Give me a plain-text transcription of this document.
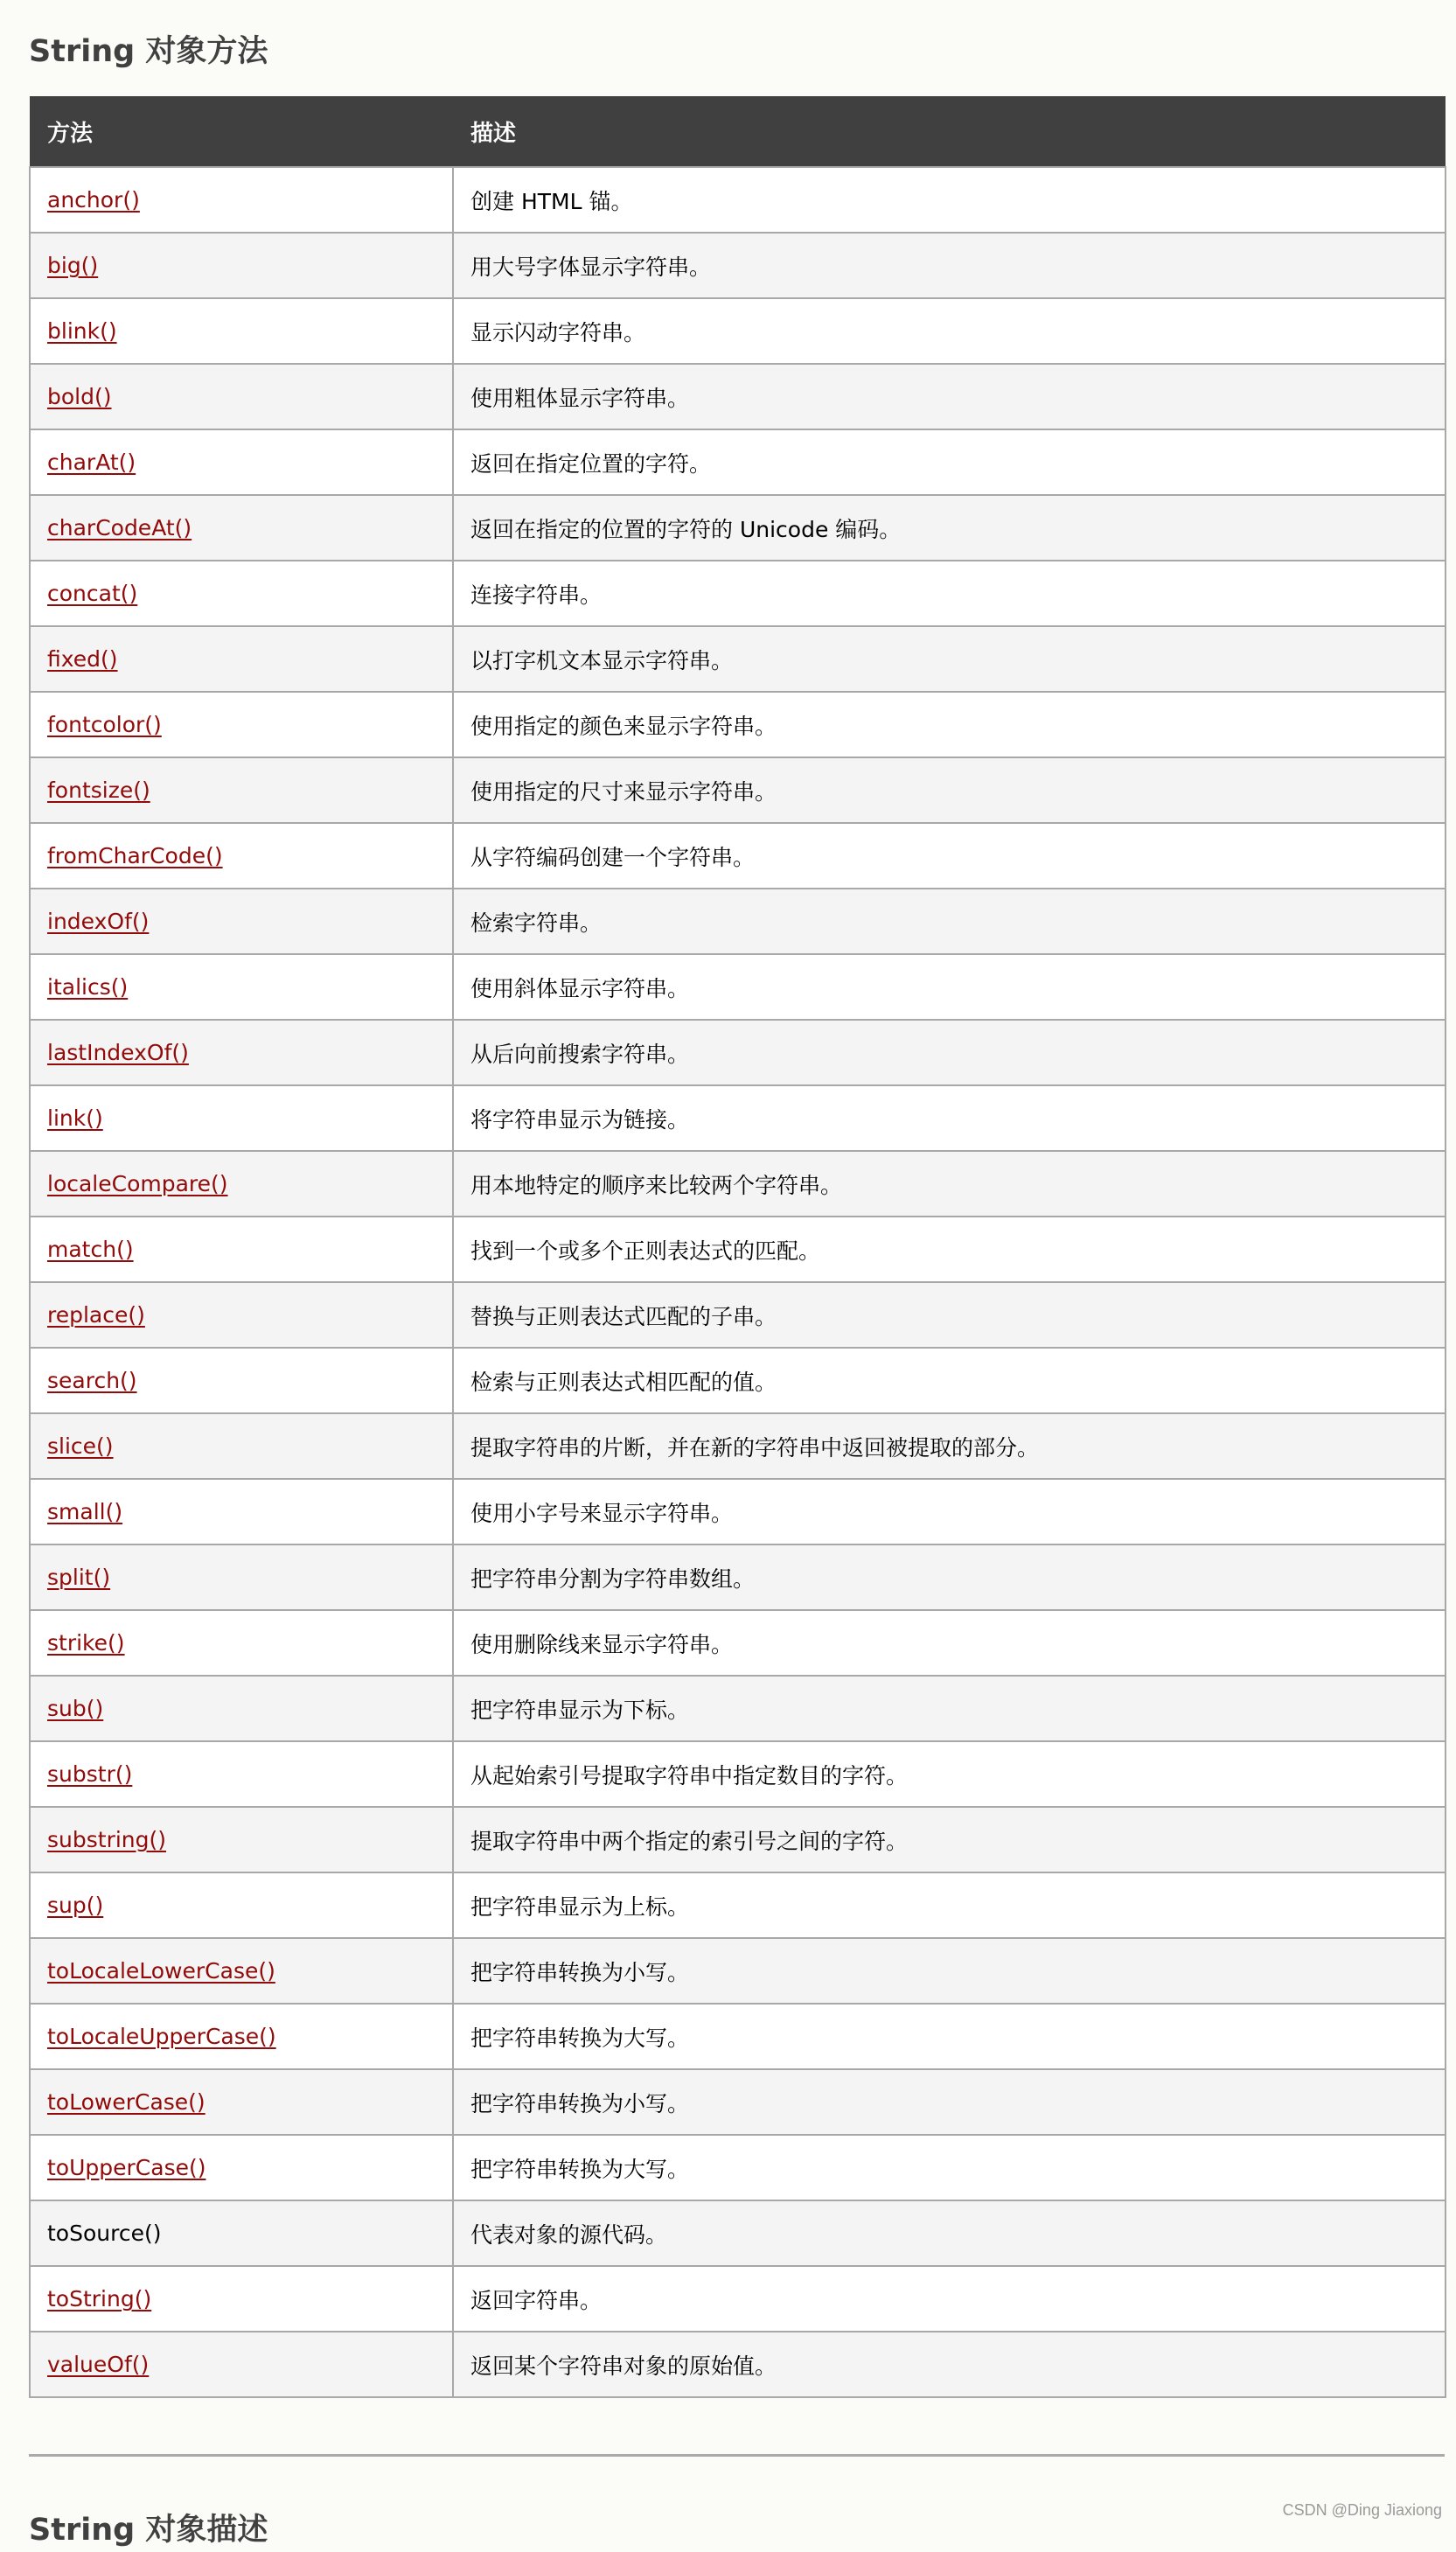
String 对象方法
方法	描述
anchor()	创建 HTML 锚。
big()	用大号字体显示字符串。
blink()	显示闪动字符串。
bold()	使用粗体显示字符串。
charAt()	返回在指定位置的字符。
charCodeAt()	返回在指定的位置的字符的 Unicode 编码。
concat()	连接字符串。
fixed()	以打字机文本显示字符串。
fontcolor()	使用指定的颜色来显示字符串。
fontsize()	使用指定的尺寸来显示字符串。
fromCharCode()	从字符编码创建一个字符串。
indexOf()	检索字符串。
italics()	使用斜体显示字符串。
lastIndexOf()	从后向前搜索字符串。
link()	将字符串显示为链接。
localeCompare()	用本地特定的顺序来比较两个字符串。
match()	找到一个或多个正则表达式的匹配。
replace()	替换与正则表达式匹配的子串。
search()	检索与正则表达式相匹配的值。
slice()	提取字符串的片断，并在新的字符串中返回被提取的部分。
small()	使用小字号来显示字符串。
split()	把字符串分割为字符串数组。
strike()	使用删除线来显示字符串。
sub()	把字符串显示为下标。
substr()	从起始索引号提取字符串中指定数目的字符。
substring()	提取字符串中两个指定的索引号之间的字符。
sup()	把字符串显示为上标。
toLocaleLowerCase()	把字符串转换为小写。
toLocaleUpperCase()	把字符串转换为大写。
toLowerCase()	把字符串转换为小写。
toUpperCase()	把字符串转换为大写。
toSource()	代表对象的源代码。
toString()	返回字符串。
valueOf()	返回某个字符串对象的原始值。
String 对象描述
CSDN @Ding Jiaxiong
